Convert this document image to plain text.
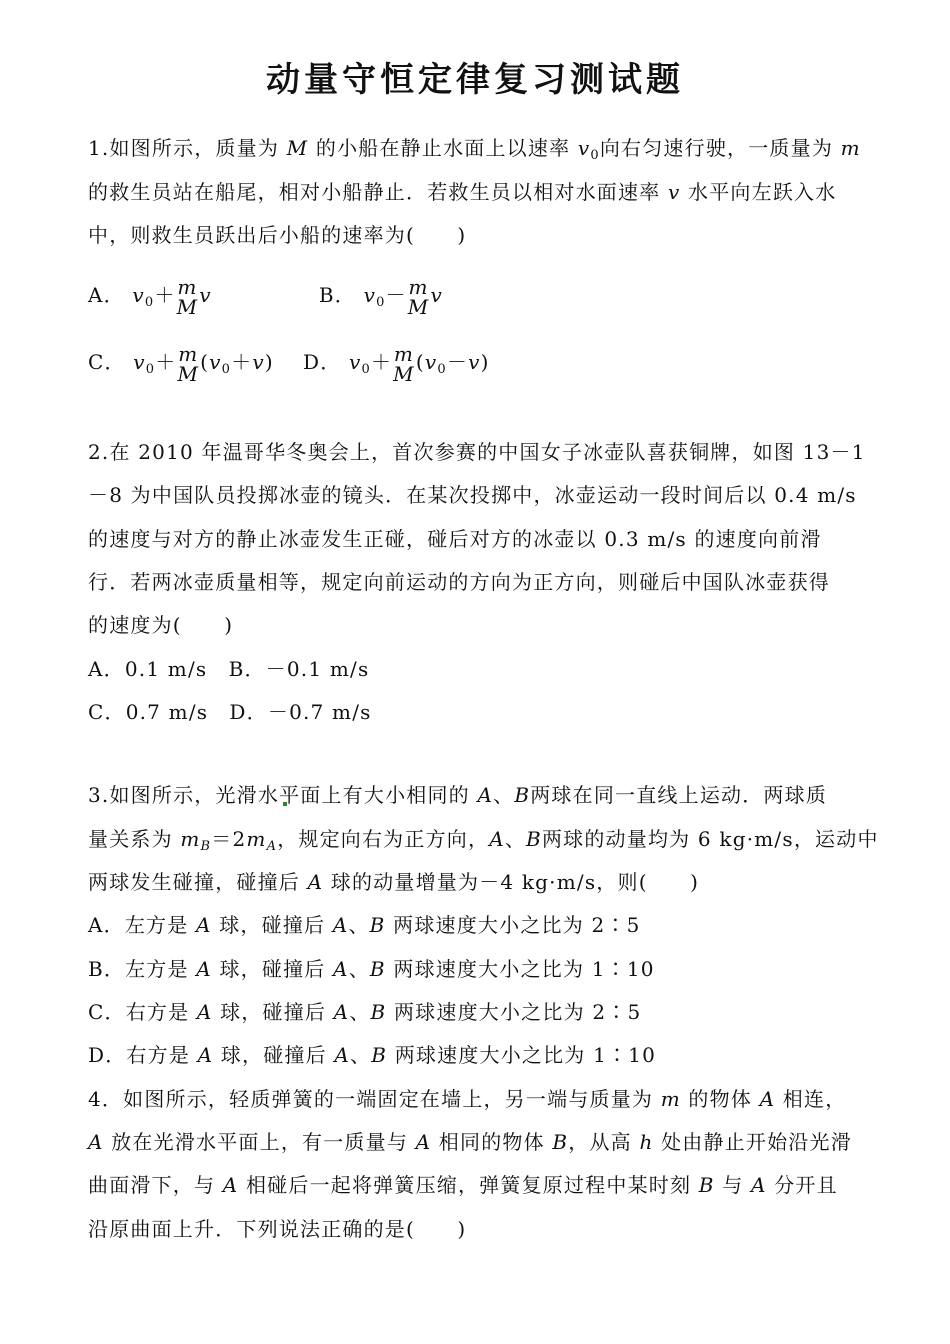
动量守恒定律复习测试题
1.如图所示，质量为 M 的小船在静止水面上以速率 $v_0$向右匀速行驶，一质量为 m
的救生员站在船尾，相对小船静止．若救生员以相对水面速率 v 水平向左跃入水
中，则救生员跃出后小船的速率为(　　)
A． $v_0+ m$
M v	B． $v_0- m$
M v
C． $v_0+ m$
M $(v_0+v)$ D． $v_0+ m$
M $(v_0-v)$
2.在 2010 年温哥华冬奥会上，首次参赛的中国女子冰壶队喜获铜牌，如图 13－1
－8 为中国队员投掷冰壶的镜头．在某次投掷中，冰壶运动一段时间后以 0.4 m/s
的速度与对方的静止冰壶发生正碰，碰后对方的冰壶以 0.3 m/s 的速度向前滑
行．若两冰壶质量相等，规定向前运动的方向为正方向，则碰后中国队冰壶获得
的速度为(　　)
A．0.1 m/s　B．－0.1 m/s
C．0.7 m/s　D．－0.7 m/s
3.如图所示，光滑水平面上有大小相同的 A、B两球在同一直线上运动．两球质
量关系为 $m_B=2m_A$，规定向右为正方向，A、B两球的动量均为 6 kg·m/s，运动中
两球发生碰撞，碰撞后 A 球的动量增量为－4 kg·m/s，则(　　)
A．左方是 A 球，碰撞后 A、B 两球速度大小之比为 2∶5
B．左方是 A 球，碰撞后 A、B 两球速度大小之比为 1∶10
C．右方是 A 球，碰撞后 A、B 两球速度大小之比为 2∶5
D．右方是 A 球，碰撞后 A、B 两球速度大小之比为 1∶10
4．如图所示，轻质弹簧的一端固定在墙上，另一端与质量为 m 的物体 A 相连，
A 放在光滑水平面上，有一质量与 A 相同的物体 B，从高 h 处由静止开始沿光滑
曲面滑下，与 A 相碰后一起将弹簧压缩，弹簧复原过程中某时刻 B 与 A 分开且
沿原曲面上升．下列说法正确的是(　　)
